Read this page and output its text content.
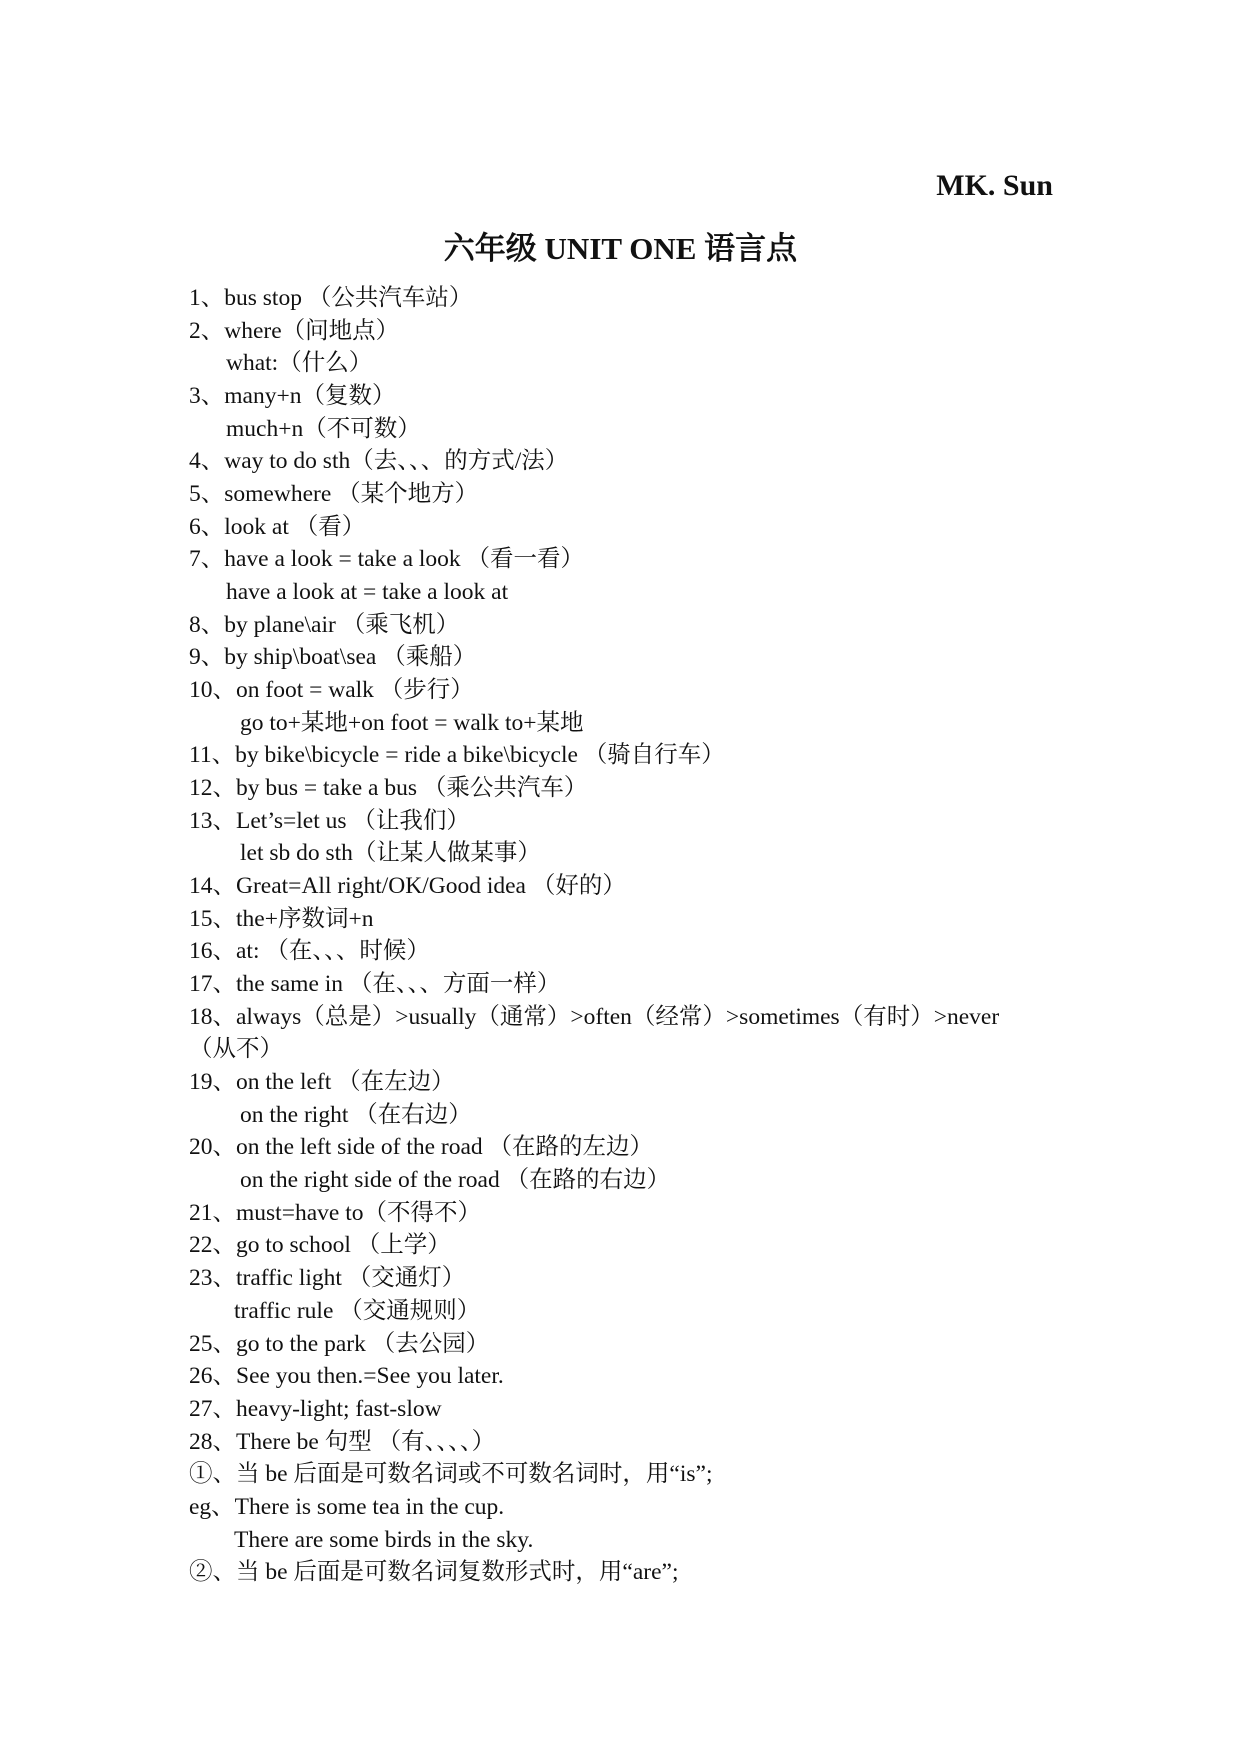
MK. Sun
六年级 UNIT ONE 语言点
1、bus stop （公共汽车站）
2、where（问地点）
what:（什么）
3、many+n（复数）
much+n（不可数）
4、way to do sth（去、、、的方式/法）
5、somewhere （某个地方）
6、look at （看）
7、have a look = take a look （看一看）
have a look at = take a look at
8、by plane\air （乘飞机）
9、by ship\boat\sea （乘船）
10、on foot = walk （步行）
go to+某地+on foot = walk to+某地
11、by bike\bicycle = ride a bike\bicycle （骑自行车）
12、by bus = take a bus （乘公共汽车）
13、Let’s=let us （让我们）
let sb do sth（让某人做某事）
14、Great=All right/OK/Good idea （好的）
15、the+序数词+n
16、at: （在、、、时候）
17、the same in （在、、、方面一样）
18、always（总是）>usually（通常）>often（经常）>sometimes（有时）>never
（从不）
19、on the left （在左边）
on the right （在右边）
20、on the left side of the road （在路的左边）
on the right side of the road （在路的右边）
21、must=have to（不得不）
22、go to school （上学）
23、traffic light （交通灯）
traffic rule （交通规则）
25、go to the park （去公园）
26、See you then.=See you later.
27、heavy-light; fast-slow
28、There be 句型 （有、、、、）
①、当 be 后面是可数名词或不可数名词时，用“is”;
eg、There is some tea in the cup.
There are some birds in the sky.
②、当 be 后面是可数名词复数形式时，用“are”;
